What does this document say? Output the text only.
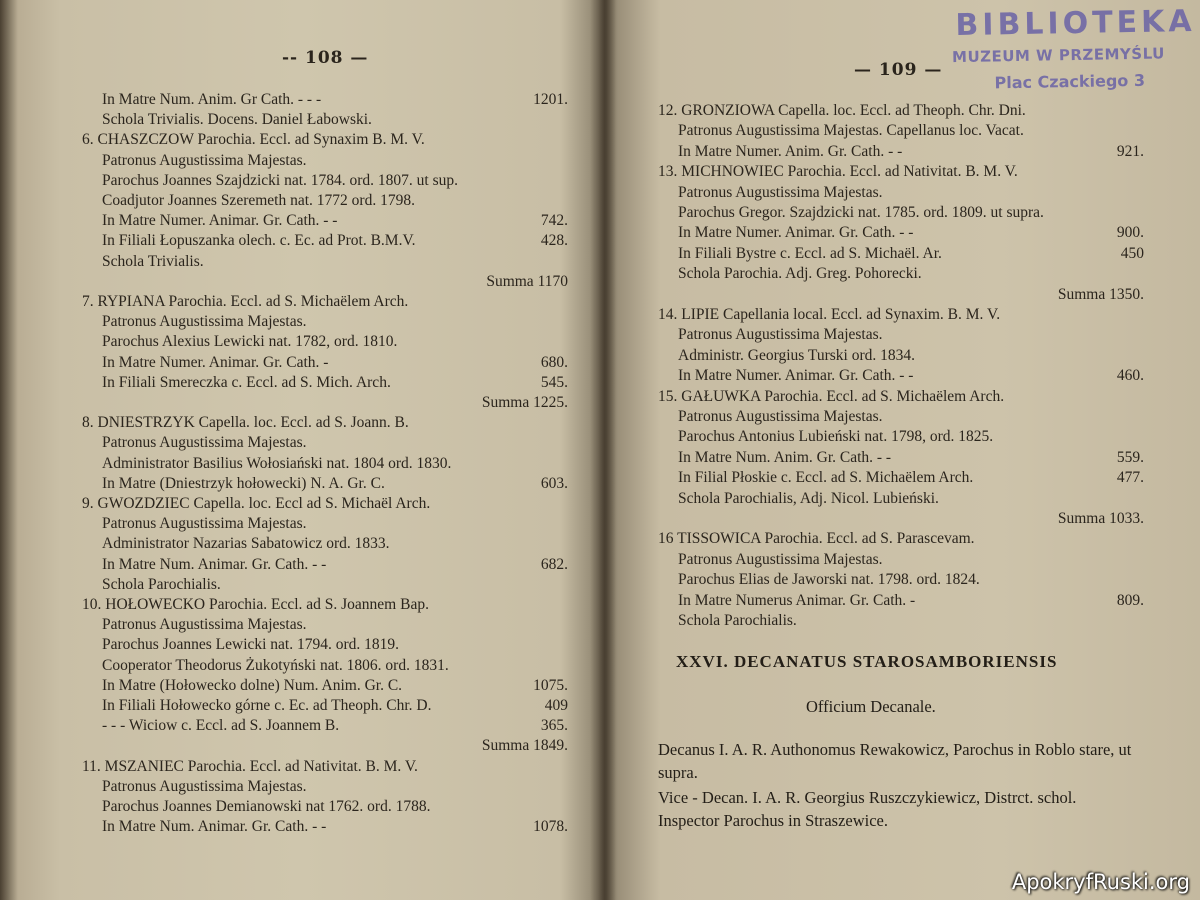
-- 108 —
In Matre Num. Anim. Gr Cath. - - -	1201.
Schola Trivialis. Docens. Daniel Łabowski.
6. CHASZCZOW Parochia. Eccl. ad Synaxim B. M. V.
Patronus Augustissima Majestas.
Parochus Joannes Szajdzicki nat. 1784. ord. 1807. ut sup.
Coadjutor Joannes Szeremeth nat. 1772 ord. 1798.
In Matre Numer. Animar. Gr. Cath. - -	742.
In Filiali Łopuszanka olech. c. Ec. ad Prot. B.M.V.	428.
Schola Trivialis.
Summa 1170
7. RYPIANA Parochia. Eccl. ad S. Michaëlem Arch.
Patronus Augustissima Majestas.
Parochus Alexius Lewicki nat. 1782, ord. 1810.
In Matre Numer. Animar. Gr. Cath. -	680.
In Filiali Smereczka c. Eccl. ad S. Mich. Arch.	545.
Summa 1225.
8. DNIESTRZYK Capella. loc. Eccl. ad S. Joann. B.
Patronus Augustissima Majestas.
Administrator Basilius Wołosiański nat. 1804 ord. 1830.
In Matre (Dniestrzyk hołowecki) N. A. Gr. C.	603.
9. GWOZDZIEC Capella. loc. Eccl ad S. Michaël Arch.
Patronus Augustissima Majestas.
Administrator Nazarias Sabatowicz ord. 1833.
In Matre Num. Animar. Gr. Cath. - -	682.
Schola Parochialis.
10. HOŁOWECKO Parochia. Eccl. ad S. Joannem Bap.
Patronus Augustissima Majestas.
Parochus Joannes Lewicki nat. 1794. ord. 1819.
Cooperator Theodorus Żukotyński nat. 1806. ord. 1831.
In Matre (Hołowecko dolne) Num. Anim. Gr. C.	1075.
In Filiali Hołowecko górne c. Ec. ad Theoph. Chr. D.	409
- - - Wiciow c. Eccl. ad S. Joannem B.	365.
Summa 1849.
11. MSZANIEC Parochia. Eccl. ad Nativitat. B. M. V.
Patronus Augustissima Majestas.
Parochus Joannes Demianowski nat 1762. ord. 1788.
In Matre Num. Animar. Gr. Cath. - -	1078.
— 109 —
12. GRONZIOWA Capella. loc. Eccl. ad Theoph. Chr. Dni.
Patronus Augustissima Majestas. Capellanus loc. Vacat.
In Matre Numer. Anim. Gr. Cath. - -	921.
13. MICHNOWIEC Parochia. Eccl. ad Nativitat. B. M. V.
Patronus Augustissima Majestas.
Parochus Gregor. Szajdzicki nat. 1785. ord. 1809. ut supra.
In Matre Numer. Animar. Gr. Cath. - -	900.
In Filiali Bystre c. Eccl. ad S. Michaël. Ar.	450
Schola Parochia. Adj. Greg. Pohorecki.
Summa 1350.
14. LIPIE Capellania local. Eccl. ad Synaxim. B. M. V.
Patronus Augustissima Majestas.
Administr. Georgius Turski ord. 1834.
In Matre Numer. Animar. Gr. Cath. - -	460.
15. GAŁUWKA Parochia. Eccl. ad S. Michaëlem Arch.
Patronus Augustissima Majestas.
Parochus Antonius Lubieński nat. 1798, ord. 1825.
In Matre Num. Anim. Gr. Cath. - -	559.
In Filial Płoskie c. Eccl. ad S. Michaëlem Arch.	477.
Schola Parochialis, Adj. Nicol. Lubieński.
Summa 1033.
16 TISSOWICA Parochia. Eccl. ad S. Parascevam.
Patronus Augustissima Majestas.
Parochus Elias de Jaworski nat. 1798. ord. 1824.
In Matre Numerus Animar. Gr. Cath. -	809.
Schola Parochialis.
XXVI. DECANATUS STAROSAMBORIENSIS
Officium Decanale.
Decanus I. A. R. Authonomus Rewakowicz, Parochus in Roblo stare, ut supra.
Vice - Decan. I. A. R. Georgius Ruszczykiewicz, Distrct. schol. Inspector Parochus in Straszewice.
BIBLIOTEKA
MUZEUM W PRZEMYŚLU
Plac Czackiego 3
ApokryfRuski.org
